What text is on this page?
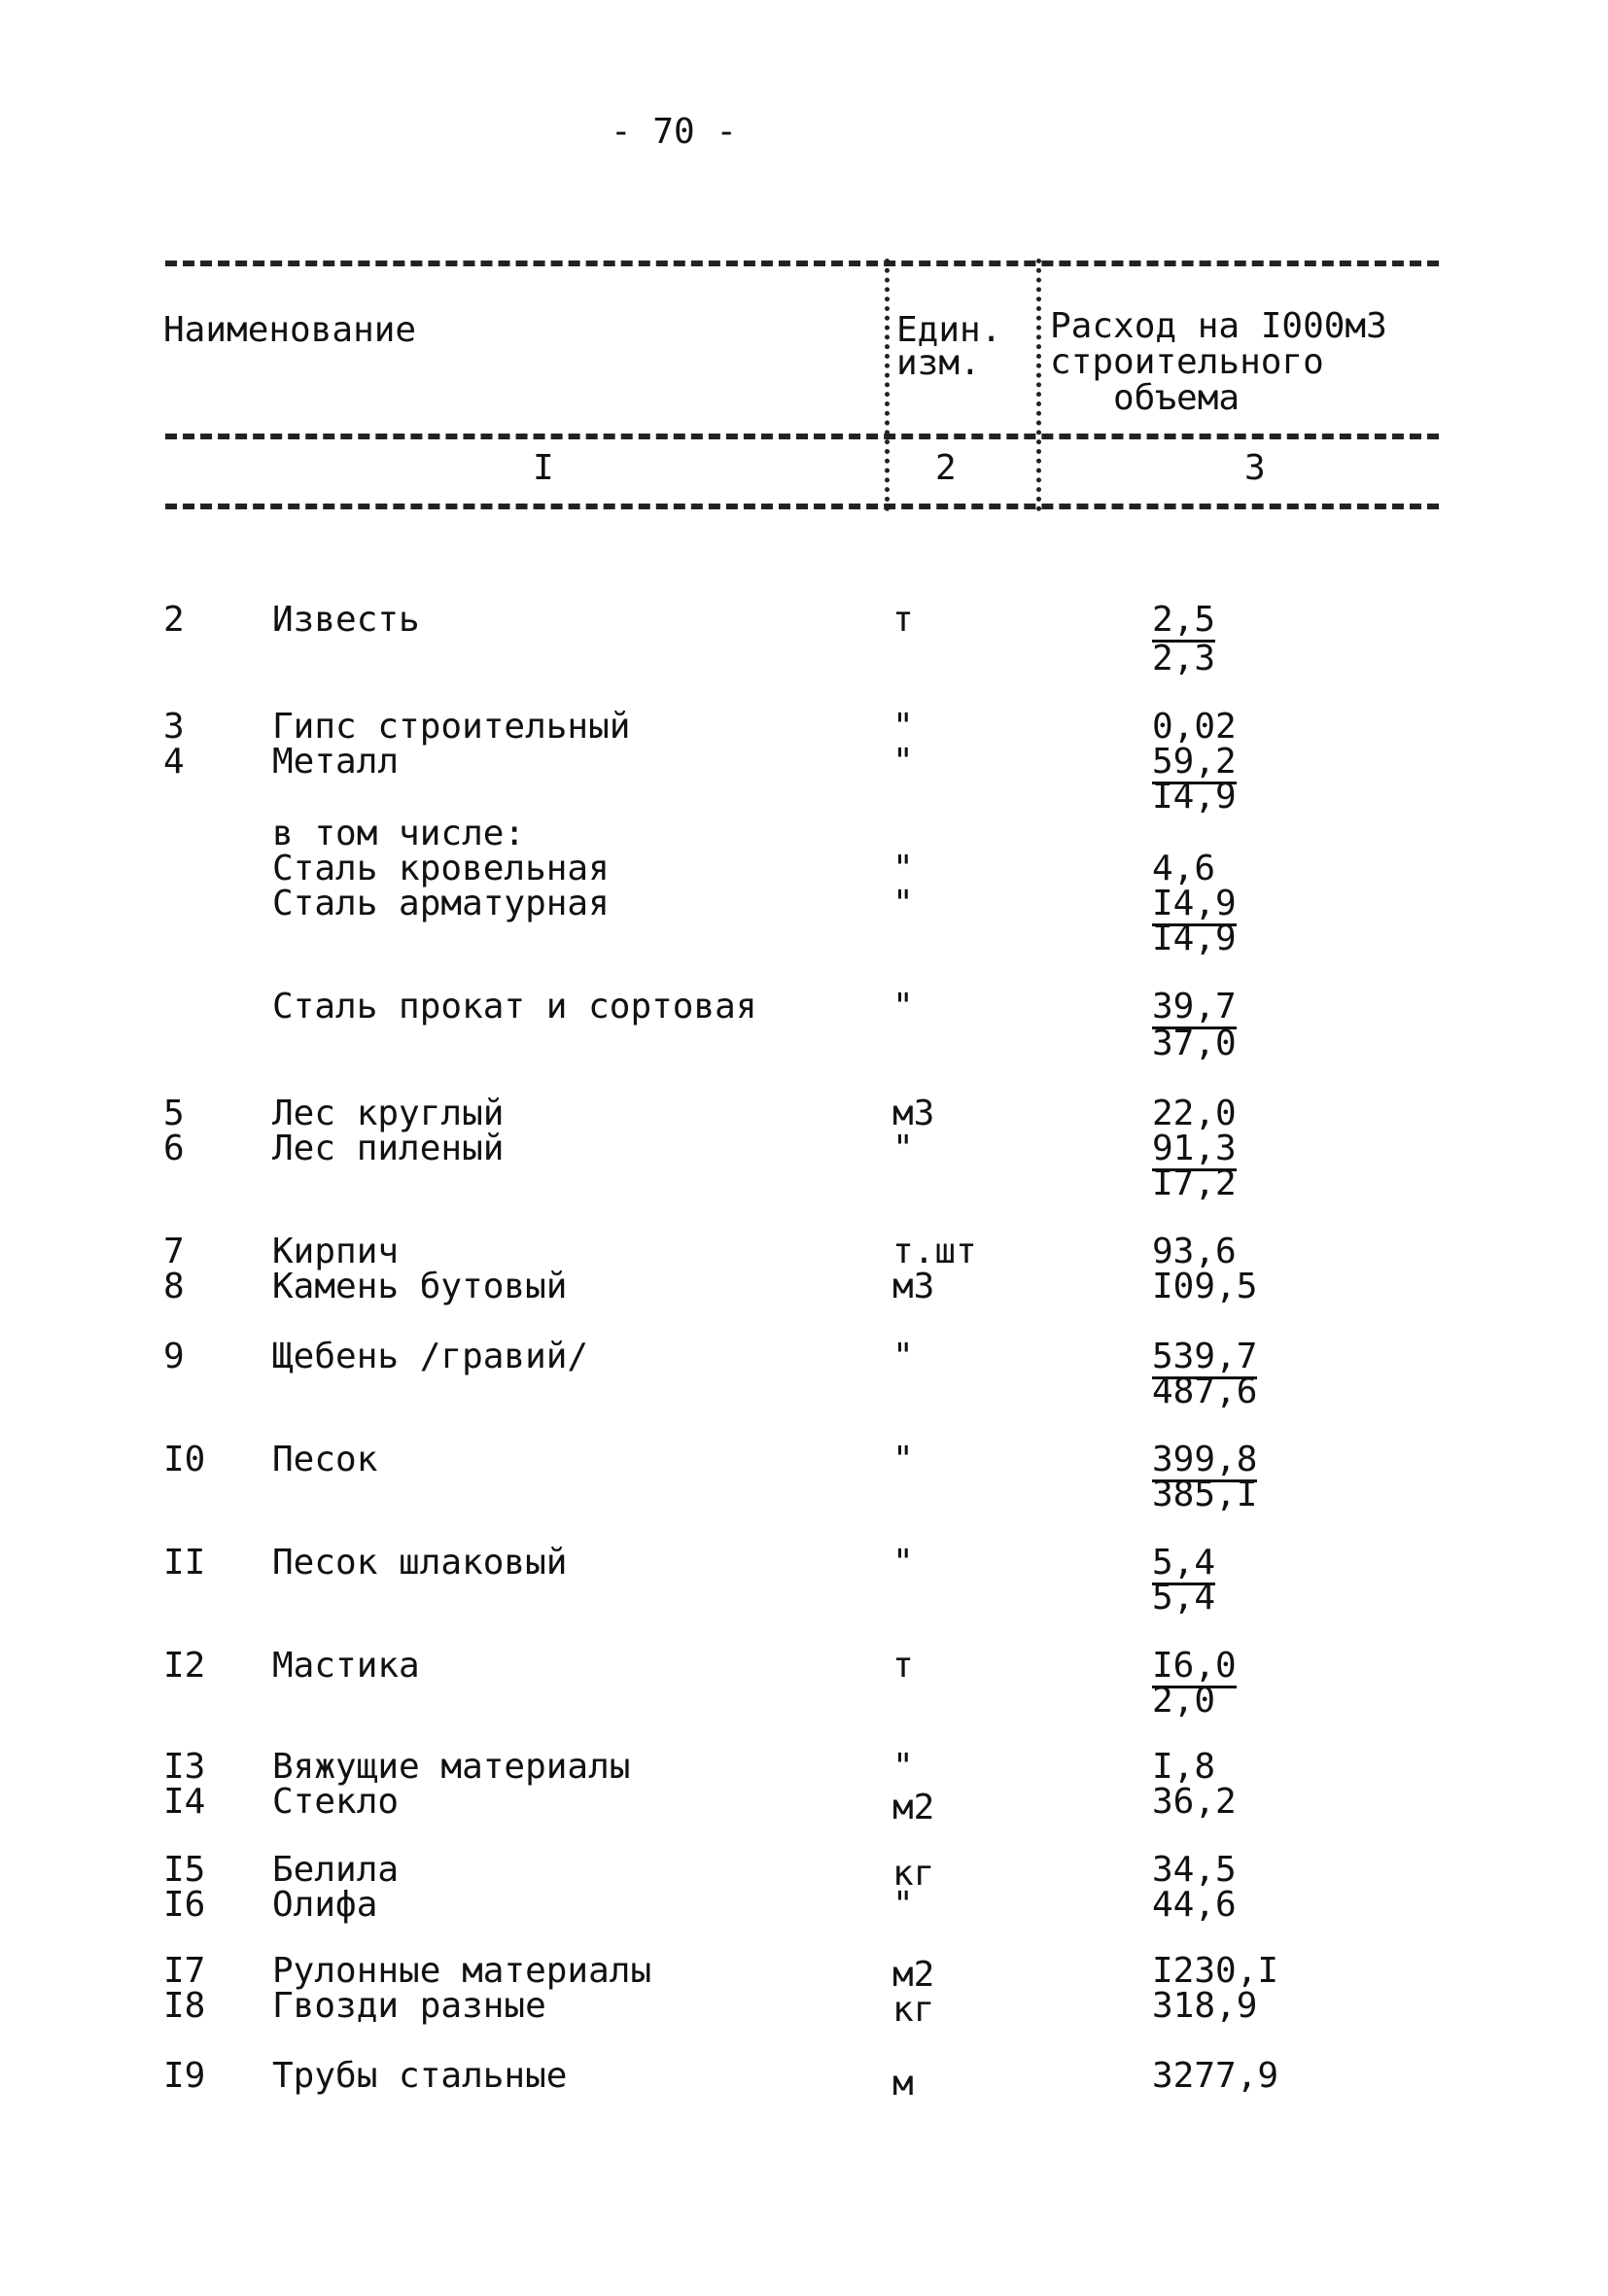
- 70 -
Наименование	Един.
изм.
Расход на I000м3
строительного
объема
I	2	3
2	Известь	т	2,5
2,3
3	Гипс строительный	"	0,02
4	Металл	"	59,2
I4,9
в том числе:
Сталь кровельная	"	4,6
Сталь арматурная	"	I4,9
I4,9
Сталь прокат и сортовая	"	39,7
37,0
5	Лес круглый	м3	22,0
6	Лес пиленый	"	91,3
I7,2
7	Кирпич	т.шт	93,6
8	Камень бутовый	м3	I09,5
9	Щебень /гравий/	"	539,7
487,6
I0 Песок	"	399,8
385,I
II Песок шлаковый	"	5,4
5,4
I2 Мастика	т	I6,0
2,0
I3 Вяжущие материалы	"	I,8
I4 Стекло	м2	36,2
I5 Белила	кг	34,5
I6 Олифа	"	44,6
I7 Рулонные материалы	м2	I230,I
I8 Гвозди разные	кг	318,9
I9 Трубы стальные	м	3277,9
